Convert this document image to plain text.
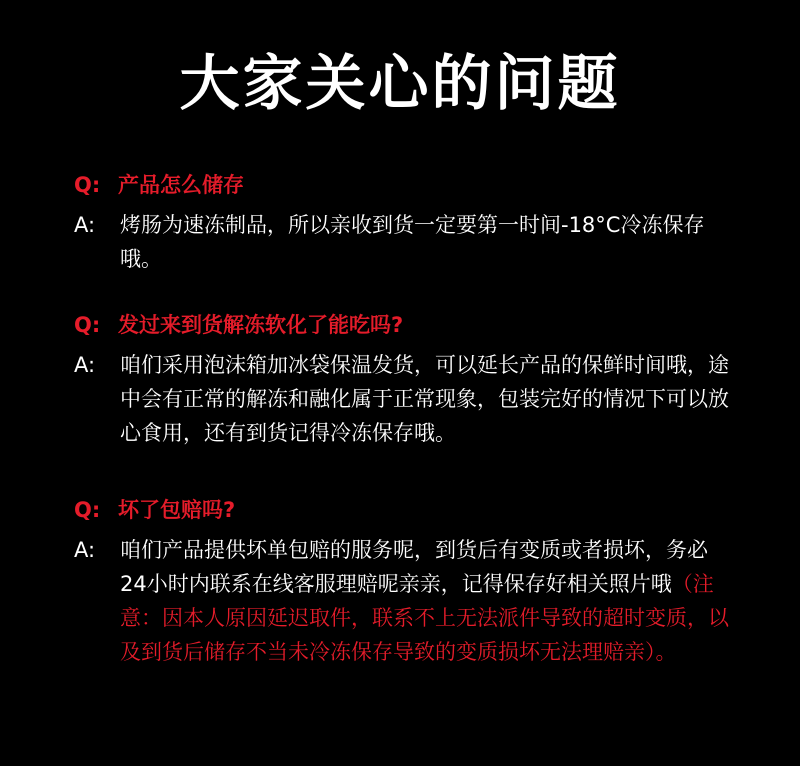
大家关心的问题
Q: 产品怎么储存
A:	烤肠为速冻制品，所以亲收到货一定要第一时间-18°C冷冻保存哦。
Q: 发过来到货解冻软化了能吃吗?
A:	咱们采用泡沫箱加冰袋保温发货，可以延长产品的保鲜时间哦，途中会有正常的解冻和融化属于正常现象，包装完好的情况下可以放心食用，还有到货记得冷冻保存哦。
Q: 坏了包赔吗?
A:	咱们产品提供坏单包赔的服务呢，到货后有变质或者损坏，务必24小时内联系在线客服理赔呢亲亲，记得保存好相关照片哦（注意：因本人原因延迟取件，联系不上无法派件导致的超时变质，以及到货后储存不当未冷冻保存导致的变质损坏无法理赔亲）。
